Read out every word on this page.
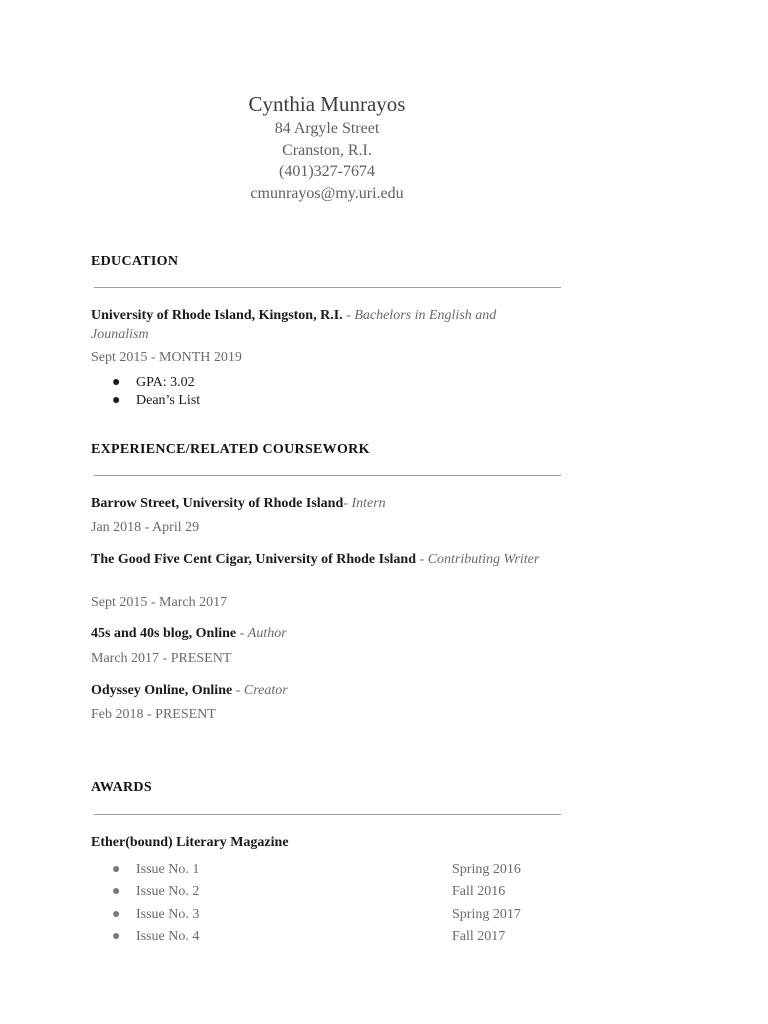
Cynthia Munrayos
84 Argyle Street
Cranston, R.I.
(401)327-7674
cmunrayos@my.uri.edu
EDUCATION
University of Rhode Island, Kingston, R.I. - Bachelors in English and Jounalism
Sept 2015 - MONTH 2019
● GPA: 3.02
● Dean’s List
EXPERIENCE/RELATED COURSEWORK
Barrow Street, University of Rhode Island- Intern
Jan 2018 - April 29
The Good Five Cent Cigar, University of Rhode Island - Contributing Writer
Sept 2015 - March 2017
45s and 40s blog, Online - Author
March 2017 - PRESENT
Odyssey Online, Online - Creator
Feb 2018 - PRESENT
AWARDS
Ether(bound) Literary Magazine
● Issue No. 1	Spring 2016
● Issue No. 2	Fall 2016
● Issue No. 3	Spring 2017
● Issue No. 4	Fall 2017
